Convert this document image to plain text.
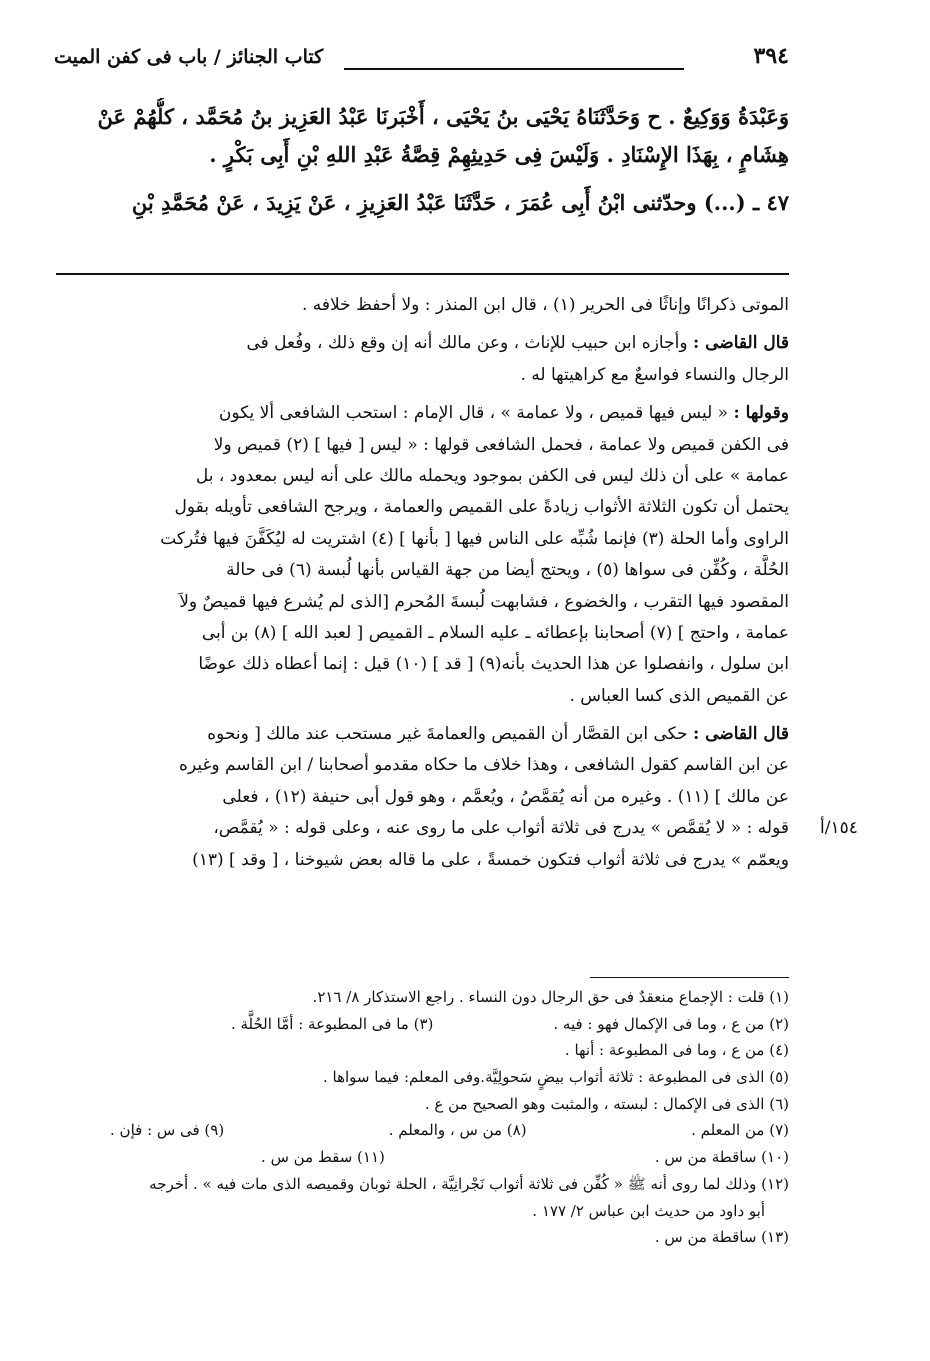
كتاب الجنائز / باب فى كفن الميت	٣٩٤

وَعَبْدَةُ وَوَكِيعٌ . ح وَحَدَّثَنَاهُ يَحْيَى بنُ يَحْيَى ، أَخْبَرنَا عَبْدُ العَزِيز بنُ مُحَمَّد ، كلُّهُمْ عَنْ

هِشَامٍ ، بِهَذَا الإِسْنَادِ . وَلَيْسَ فِى حَدِيثِهِمْ قِصَّةُ عَبْدِ اللهِ بْنِ أَبِى بَكْرٍ .

٤٧ ـ (...) وحدّثنى ابْنُ أَبِى عُمَرَ ، حَدَّثَنَا عَبْدُ العَزِيزِ ، عَنْ يَزِيدَ ، عَنْ مُحَمَّدِ بْنِ

الموتى ذكرانًا وإناثًا فى الحرير (١) ، قال ابن المنذر : ولا أحفظ خلافه .

قال القاضى : وأجازه ابن حبيب للإناث ، وعن مالك أنه إن وقع ذلك ، وفُعل فى

الرجال والنساء فواسعٌ مع كراهيتها له .

وقولها : « ليس فيها قميص ، ولا عمامة » ، قال الإمام : استحب الشافعى ألا يكون

فى الكفن قميص ولا عمامة ، فحمل الشافعى قولها : « ليس [ فيها ] (٢) قميص ولا

عمامة » على أن ذلك ليس فى الكفن بموجود ويحمله مالك على أنه ليس بمعدود ، بل

يحتمل أن تكون الثلاثة الأثواب زيادةً على القميص والعمامة ، ويرجح الشافعى تأويله بقول

الراوى وأما الحلة (٣) فإنما شُبِّه على الناس فيها [ بأنها ] (٤) اشتريت له ليُكَفَّنَ فيها فتُركت

الحُلَّة ، وكُفِّن فى سواها (٥) ، ويحتج أيضا من جهة القياس بأنها لُبسة (٦) فى حالة

المقصود فيها التقرب ، والخضوع ، فشابهت لُبسةَ المُحرم [الذى لم يُشرع فيها قميصٌ ولاَ

عمامة ، واحتج ] (٧) أصحابنا بإعطائه ـ عليه السلام ـ القميص [ لعبد الله ] (٨) بن أبى

ابن سلول ، وانفصلوا عن هذا الحديث بأنه(٩) [ قد ] (١٠) قيل : إنما أعطاه ذلك عوضًا

عن القميص الذى كسا العباس .

قال القاضى : حكى ابن القصَّار أن القميص والعمامةَ غير مستحب عند مالك [ ونحوه

عن ابن القاسم كقول الشافعى ، وهذا خلاف ما حكاه مقدمو أصحابنا / ابن القاسم وغيره

عن مالك ] (١١) . وغيره من أنه يُقمَّصُ ، ويُعمَّم ، وهو قول أبى حنيفة (١٢) ، فعلى

قوله : « لا يُقمَّص » يدرج فى ثلاثة أثواب على ما روى عنه ، وعلى قوله : « يُقمَّص،

ويعمّم » يدرج فى ثلاثة أثواب فتكون خمسةً ، على ما قاله بعض شيوخنا ، [ وقد ] (١٣)

١٥٤/أ
(١) قلت : الإجماع منعقدٌ فى حق الرجال دون النساء . راجع الاستذكار ٨/ ٢١٦.
(٢) من ع ، وما فى الإكمال فهو : فيه .
(٣) ما فى المطبوعة : أمَّا الحُلَّة .
(٤) من ع ، وما فى المطبوعة : أنها .
(٥) الذى فى المطبوعة : ثلاثة أثواب بيضٍ سَحولِيَّة.وفى المعلم: فيما سواها .
(٦) الذى فى الإكمال : لبسته ، والمثبت وهو الصحيح من ع .
(٧) من المعلم .
(٨) من س ، والمعلم .
(٩) فى س : فإن .
(١٠) ساقطة من س .
(١١) سقط من س .
(١٢) وذلك لما روى أنه ﷺ « كُفِّن فى ثلاثة أثواب نَجْرانِيَّة ، الحلة ثوبان وقميصه الذى مات فيه » . أخرجه
أبو داود من حديث ابن عباس ٢/ ١٧٧ .
(١٣) ساقطة من س .
